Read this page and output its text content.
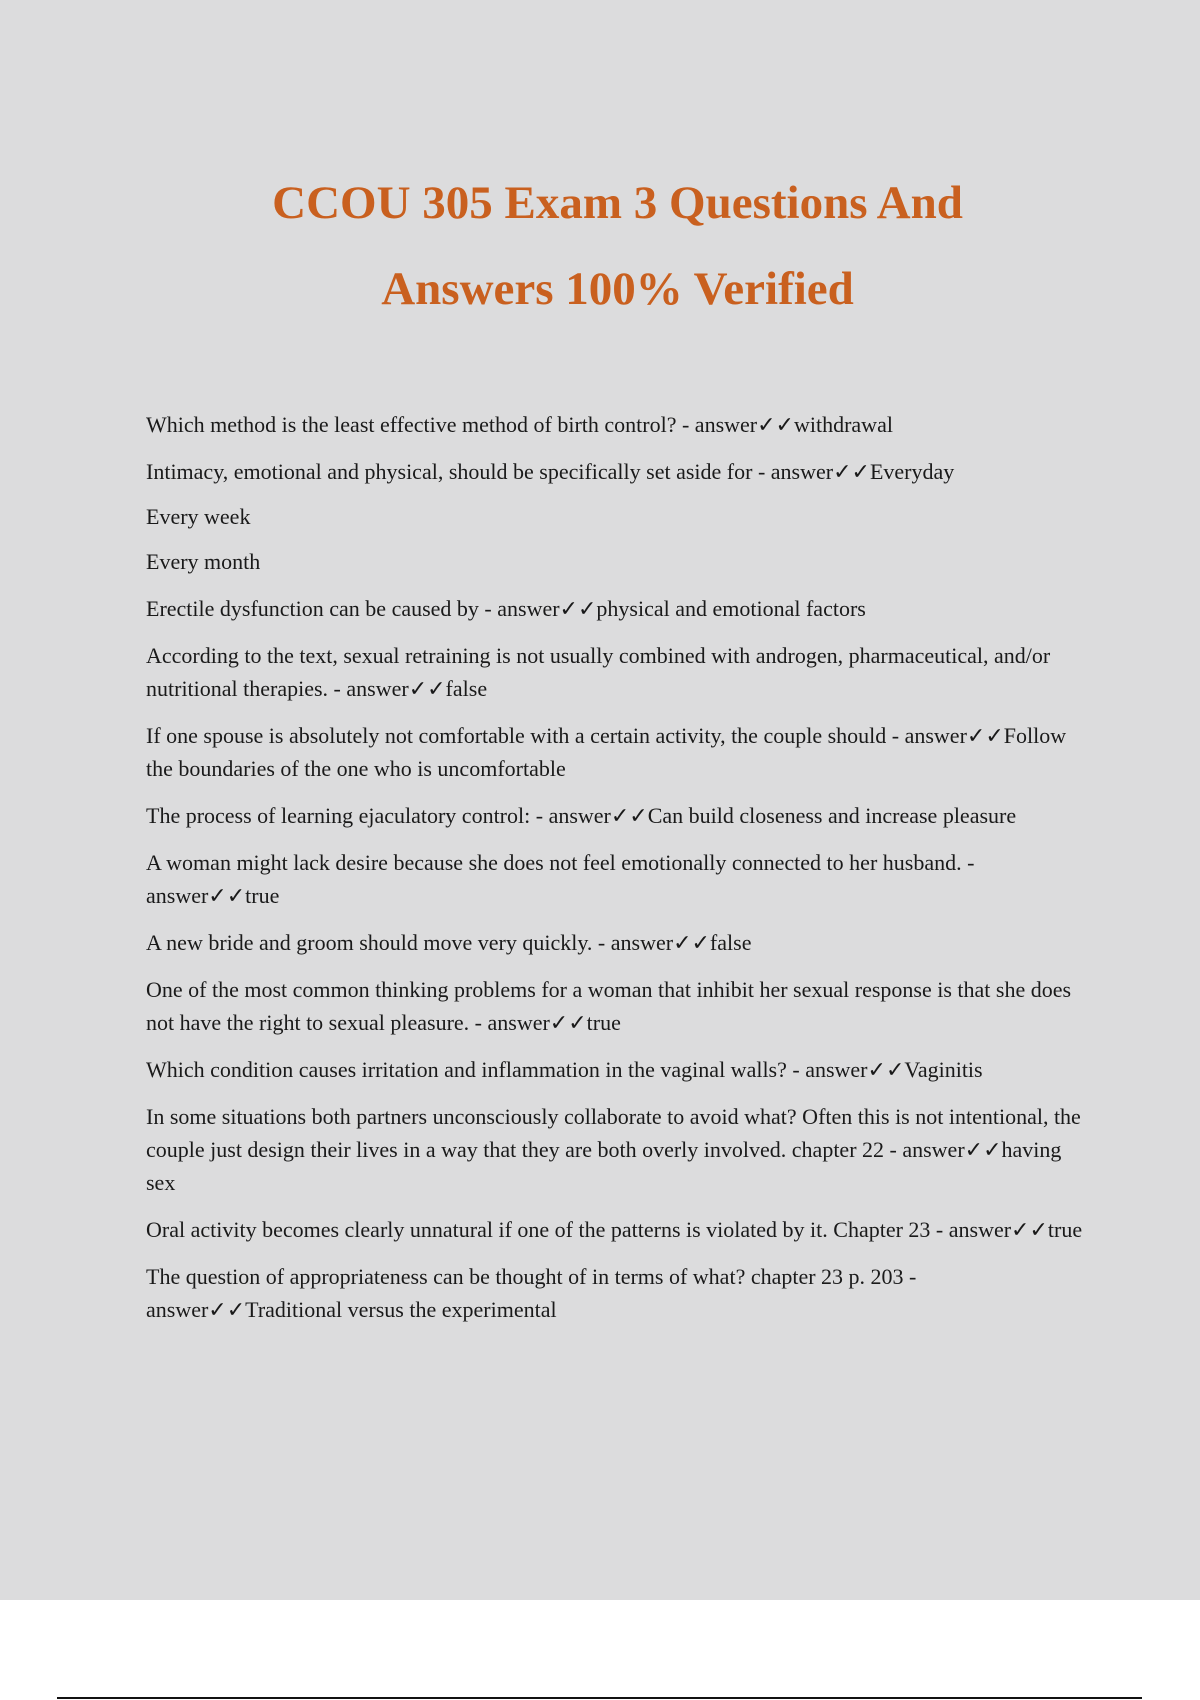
CCOU 305 Exam 3 Questions And
Answers 100% Verified

Which method is the least effective method of birth control? - answer✓✓withdrawal

Intimacy, emotional and physical, should be specifically set aside for - answer✓✓Everyday

Every week

Every month

Erectile dysfunction can be caused by - answer✓✓physical and emotional factors

According to the text, sexual retraining is not usually combined with androgen, pharmaceutical, and/or nutritional therapies. - answer✓✓false

If one spouse is absolutely not comfortable with a certain activity, the couple should - answer✓✓Follow the boundaries of the one who is uncomfortable

The process of learning ejaculatory control: - answer✓✓Can build closeness and increase pleasure

A woman might lack desire because she does not feel emotionally connected to her husband. - answer✓✓true

A new bride and groom should move very quickly. - answer✓✓false

One of the most common thinking problems for a woman that inhibit her sexual response is that she does not have the right to sexual pleasure. - answer✓✓true

Which condition causes irritation and inflammation in the vaginal walls? - answer✓✓Vaginitis

In some situations both partners unconsciously collaborate to avoid what? Often this is not intentional, the couple just design their lives in a way that they are both overly involved. chapter 22 - answer✓✓having sex

Oral activity becomes clearly unnatural if one of the patterns is violated by it. Chapter 23 - answer✓✓true

The question of appropriateness can be thought of in terms of what? chapter 23 p. 203 - answer✓✓Traditional versus the experimental
